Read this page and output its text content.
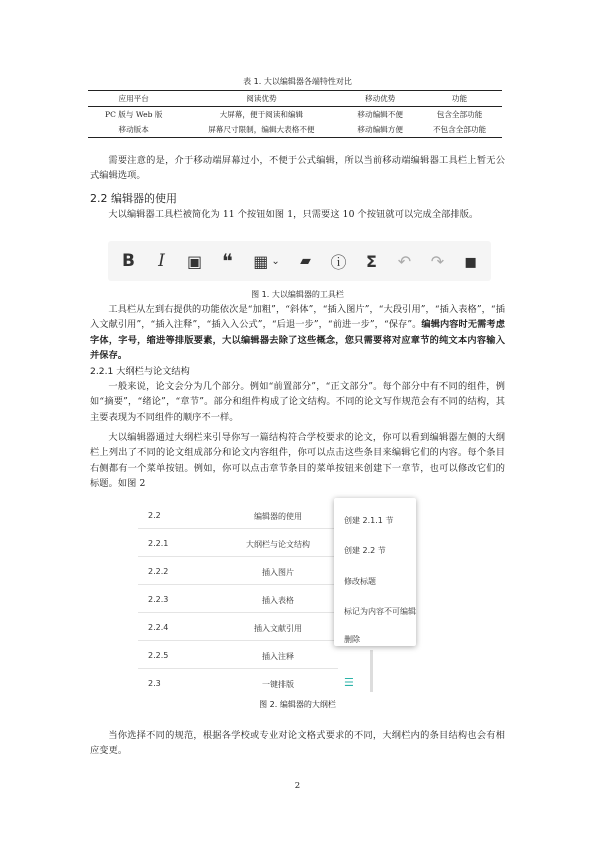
表 1. 大以编辑器各端特性对比
应用平台	阅读优势	移动优势	功能
PC 版与 Web 版	大屏幕，便于阅读和编辑	移动编辑不便	包含全部功能
移动版本	屏幕尺寸限制，编辑大表格不便	移动编辑方便	不包含全部功能
需要注意的是，介于移动端屏幕过小，不便于公式编辑，所以当前移动端编辑器工具栏上暂无公式编辑选项。
2.2 编辑器的使用
大以编辑器工具栏被简化为 11 个按钮如图 1，只需要这 10 个按钮就可以完成全部排版。
B	I	▣ ❝	▦ ⌄	▰	ⓘ	Σ	↶ ↷ ▪
图 1. 大以编辑器的工具栏
工具栏从左到右提供的功能依次是“加粗”，“斜体”，“插入图片”，“大段引用”，“插入表格”，“插入文献引用”，“插入注释”，“插入入公式”，“后退一步”，“前进一步”，“保存”。编辑内容时无需考虑字体，字号，缩进等排版要素，大以编辑器去除了这些概念，您只需要将对应章节的纯文本内容输入并保存。
2.2.1 大纲栏与论文结构
一般来说，论文会分为几个部分。例如“前置部分”，“正文部分”。每个部分中有不同的组件，例如“摘要”，“绪论”，“章节”。部分和组件构成了论文结构。不同的论文写作规范会有不同的结构，其主要表现为不同组件的顺序不一样。
大以编辑器通过大纲栏来引导你写一篇结构符合学校要求的论文，你可以看到编辑器左侧的大纲栏上列出了不同的论文组成部分和论文内容组件，你可以点击这些条目来编辑它们的内容。每个条目右侧都有一个菜单按钮。例如，你可以点击章节条目的菜单按钮来创建下一章节，也可以修改它们的标题。如图 2
2.2	编辑器的使用
2.2.1	大纲栏与论文结构
2.2.2	插入图片
2.2.3	插入表格
2.2.4	插入文献引用
2.2.5	插入注释
2.3	一键排版	☰
创建 2.1.1 节
创建 2.2 节
修改标题
标记为内容不可编辑
删除
图 2. 编辑器的大纲栏
当你选择不同的规范，根据各学校或专业对论文格式要求的不同，大纲栏内的条目结构也会有相应变更。
2
